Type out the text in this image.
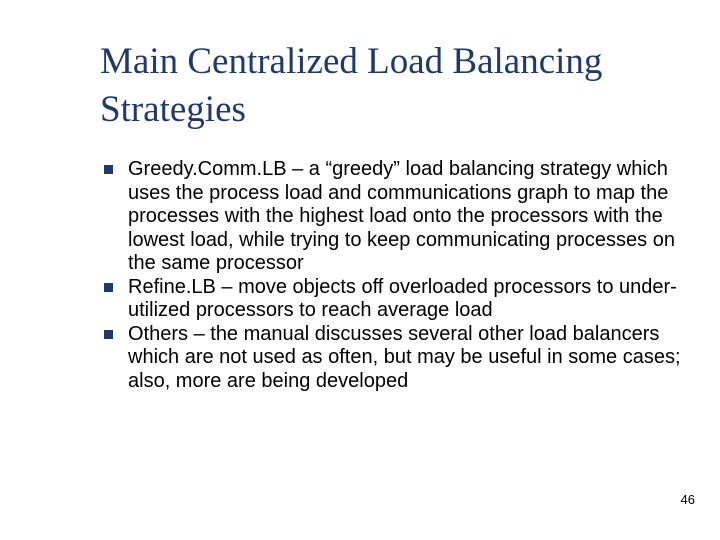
Main Centralized Load Balancing Strategies
Greedy.Comm.LB – a “greedy” load balancing strategy which uses the process load and communications graph to map the processes with the highest load onto the processors with the lowest load, while trying to keep communicating processes on the same processor
Refine.LB – move objects off overloaded processors to under-utilized processors to reach average load
Others – the manual discusses several other load balancers which are not used as often, but may be useful in some cases; also, more are being developed
46
